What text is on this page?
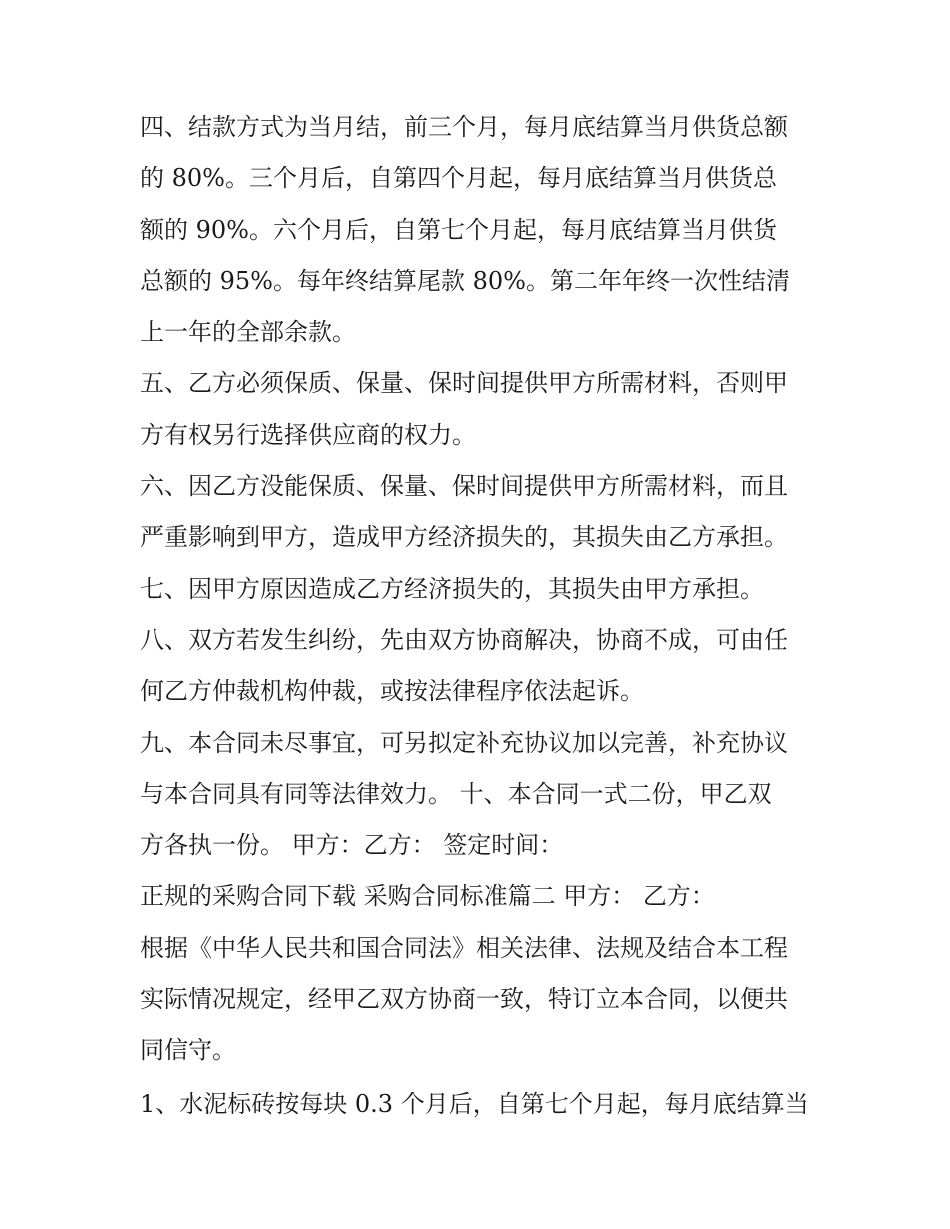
四、结款方式为当月结，前三个月，每月底结算当月供货总额
的 80%。三个月后，自第四个月起，每月底结算当月供货总
额的 90%。六个月后，自第七个月起，每月底结算当月供货
总额的 95%。每年终结算尾款 80%。第二年年终一次性结清
上一年的全部余款。
五、乙方必须保质、保量、保时间提供甲方所需材料，否则甲
方有权另行选择供应商的权力。
六、因乙方没能保质、保量、保时间提供甲方所需材料，而且
严重影响到甲方，造成甲方经济损失的，其损失由乙方承担。
七、因甲方原因造成乙方经济损失的，其损失由甲方承担。
八、双方若发生纠纷，先由双方协商解决，协商不成，可由任
何乙方仲裁机构仲裁，或按法律程序依法起诉。
九、本合同未尽事宜，可另拟定补充协议加以完善，补充协议
与本合同具有同等法律效力。 十、本合同一式二份，甲乙双
方各执一份。 甲方：乙方： 签定时间：
正规的采购合同下载 采购合同标准篇二 甲方： 乙方：
根据《中华人民共和国合同法》相关法律、法规及结合本工程
实际情况规定，经甲乙双方协商一致，特订立本合同，以便共
同信守。
1、水泥标砖按每块 0.3 个月后，自第七个月起，每月底结算当
